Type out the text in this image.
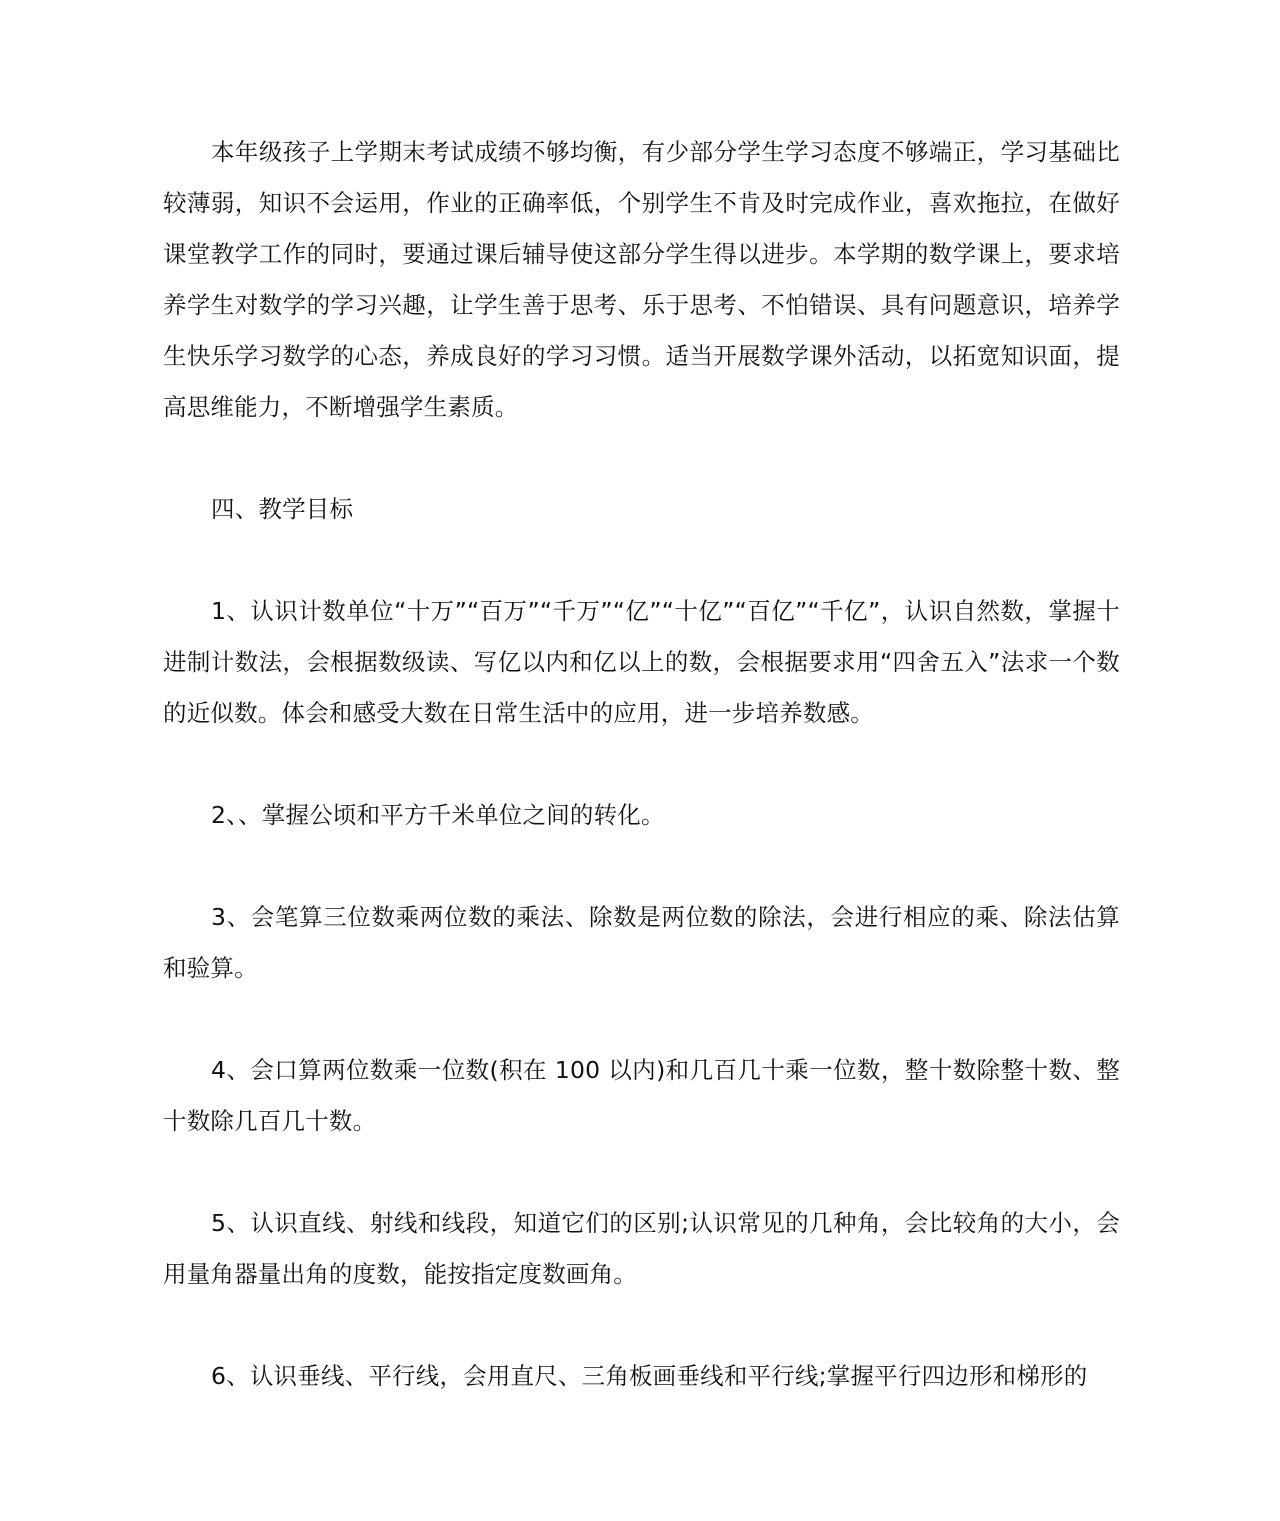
本年级孩子上学期末考试成绩不够均衡，有少部分学生学习态度不够端正，学习基础比较薄弱，知识不会运用，作业的正确率低，个别学生不肯及时完成作业，喜欢拖拉，在做好课堂教学工作的同时，要通过课后辅导使这部分学生得以进步。本学期的数学课上，要求培养学生对数学的学习兴趣，让学生善于思考、乐于思考、不怕错误、具有问题意识，培养学生快乐学习数学的心态，养成良好的学习习惯。适当开展数学课外活动，以拓宽知识面，提高思维能力，不断增强学生素质。

四、教学目标

1、认识计数单位“十万”“百万”“千万”“亿”“十亿”“百亿”“千亿”，认识自然数，掌握十进制计数法，会根据数级读、写亿以内和亿以上的数，会根据要求用“四舍五入”法求一个数的近似数。体会和感受大数在日常生活中的应用，进一步培养数感。

2、、掌握公顷和平方千米单位之间的转化。

3、会笔算三位数乘两位数的乘法、除数是两位数的除法，会进行相应的乘、除法估算和验算。

4、会口算两位数乘一位数(积在 100 以内)和几百几十乘一位数，整十数除整十数、整十数除几百几十数。

5、认识直线、射线和线段，知道它们的区别;认识常见的几种角，会比较角的大小，会用量角器量出角的度数，能按指定度数画角。

6、认识垂线、平行线，会用直尺、三角板画垂线和平行线;掌握平行四边形和梯形的
